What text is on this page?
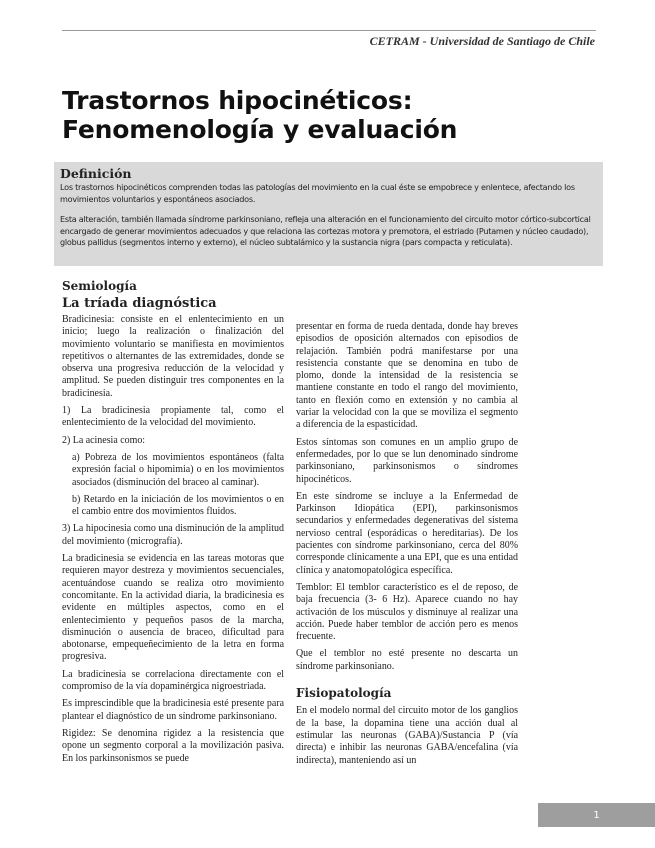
CETRAM - Universidad de Santiago de Chile
Trastornos hipocinéticos:
Fenomenología y evaluación
Definición

Los trastornos hipocinéticos comprenden todas las patologías del movimiento en la cual éste se empobrece y enlentece, afectando los movimientos voluntarios y espontáneos asociados.

Esta alteración, también llamada síndrome parkinsoniano, refleja una alteración en el funcionamiento del circuito motor córtico-subcortical encargado de generar movimientos adecuados y que relaciona las cortezas motora y premotora, el estriado (Putamen y núcleo caudado), globus pallidus (segmentos interno y externo), el núcleo subtalámico y la sustancia nigra (pars compacta y reticulata).

Semiología
La tríada diagnóstica

Bradicinesia: consiste en el enlentecimiento en un inicio; luego la realización o finalización del movimiento voluntario se manifiesta en movimientos repetitivos o alternantes de las extremidades, donde se observa una progresiva reducción de la velocidad y amplitud. Se pueden distinguir tres componentes en la bradicinesia.

1) La bradicinesia propiamente tal, como el enlentecimiento de la velocidad del movimiento.

2) La acinesia como:

a) Pobreza de los movimientos espontáneos (falta expresión facial o hipomimia) o en los movimientos asociados (disminución del braceo al caminar).

b) Retardo en la iniciación de los movimientos o en el cambio entre dos movimientos fluidos.

3) La hipocinesia como una disminución de la amplitud del movimiento (micrografía).

La bradicinesia se evidencia en las tareas motoras que requieren mayor destreza y movimientos secuenciales, acentuándose cuando se realiza otro movimiento concomitante. En la actividad diaria, la bradicinesia es evidente en múltiples aspectos, como en el enlentecimiento y pequeños pasos de la marcha, disminución o ausencia de braceo, dificultad para abotonarse, empequeñecimiento de la letra en forma progresiva.

La bradicinesia se correlaciona directamente con el compromiso de la vía dopaminérgica nigroestriada.

Es imprescindible que la bradicinesia esté presente para plantear el diagnóstico de un síndrome parkinsoniano.

Rigidez: Se denomina rigidez a la resistencia que opone un segmento corporal a la movilización pasiva. En los parkinsonismos se puede

presentar en forma de rueda dentada, donde hay breves episodios de oposición alternados con episodios de relajación. También podrá manifestarse por una resistencia constante que se denomina en tubo de plomo, donde la intensidad de la resistencia se mantiene constante en todo el rango del movimiento, tanto en flexión como en extensión y no cambia al variar la velocidad con la que se moviliza el segmento a diferencia de la espasticidad.

Estos síntomas son comunes en un amplio grupo de enfermedades, por lo que se lun denominado síndrome parkinsoniano, parkinsonismos o síndromes hipocinéticos.

En este síndrome se incluye a la Enfermedad de Parkinson Idiopática (EPI), parkinsonismos secundarios y enfermedades degenerativas del sistema nervioso central (esporádicas o hereditarias). De los pacientes con síndrome parkinsoniano, cerca del 80% corresponde clínicamente a una EPI, que es una entidad clínica y anatomopatológica específica.

Temblor: El temblor característico es el de reposo, de baja frecuencia (3- 6 Hz). Aparece cuando no hay activación de los músculos y disminuye al realizar una acción. Puede haber temblor de acción pero es menos frecuente.

Que el temblor no esté presente no descarta un síndrome parkinsoniano.

Fisiopatología

En el modelo normal del circuito motor de los ganglios de la base, la dopamina tiene una acción dual al estimular las neuronas (GABA)/Sustancia P (vía directa) e inhibir las neuronas GABA/encefalina (vía indirecta), manteniendo así un

1
